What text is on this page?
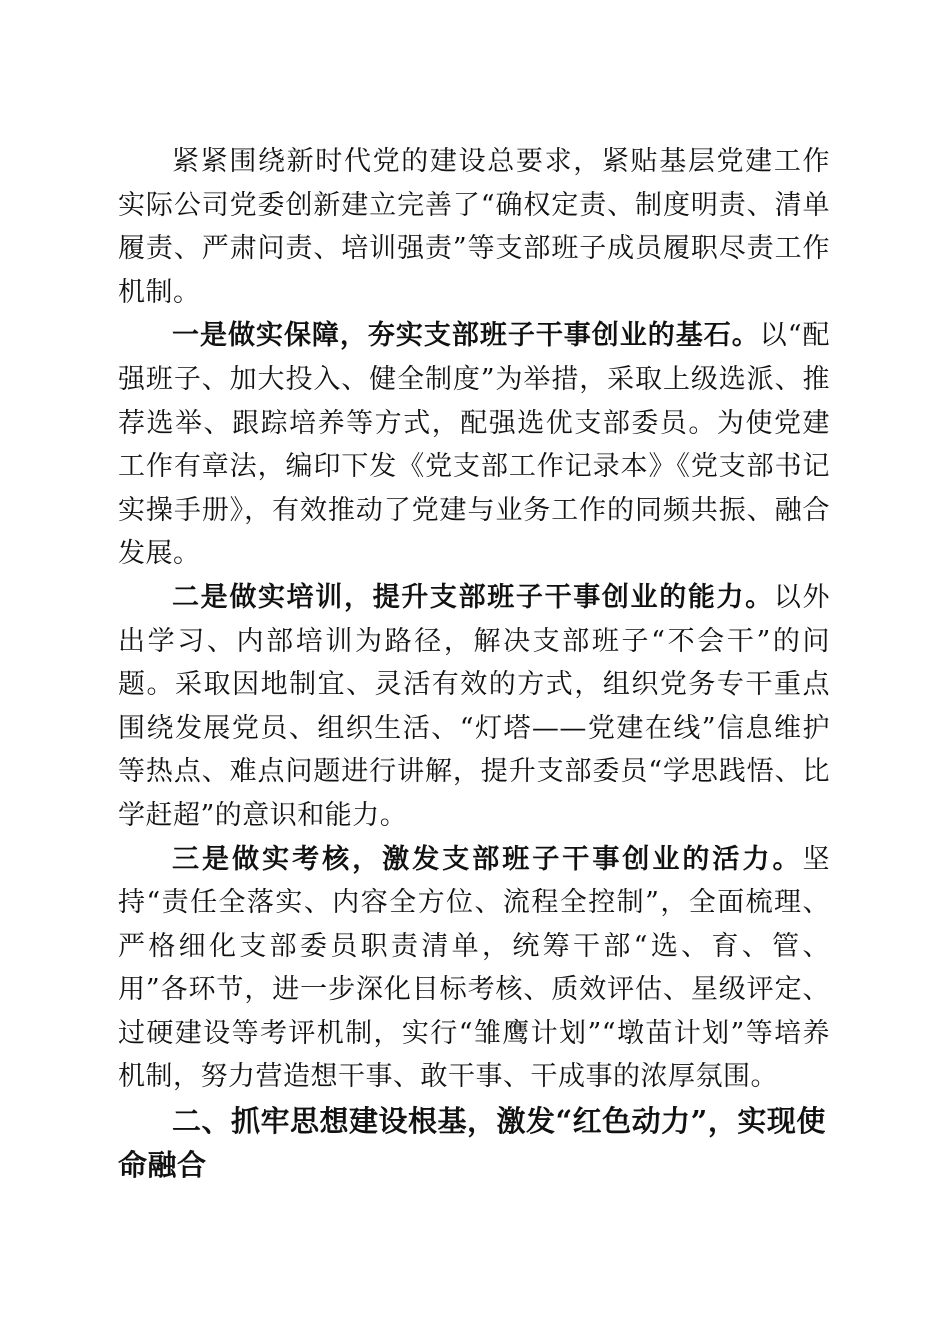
紧紧围绕新时代党的建设总要求，紧贴基层党建工作实际公司党委创新建立完善了“确权定责、制度明责、清单履责、严肃问责、培训强责”等支部班子成员履职尽责工作机制。

一是做实保障，夯实支部班子干事创业的基石。以“配强班子、加大投入、健全制度”为举措，采取上级选派、推荐选举、跟踪培养等方式，配强选优支部委员。为使党建工作有章法，编印下发《党支部工作记录本》《党支部书记实操手册》，有效推动了党建与业务工作的同频共振、融合发展。

二是做实培训，提升支部班子干事创业的能力。以外出学习、内部培训为路径，解决支部班子“不会干”的问题。采取因地制宜、灵活有效的方式，组织党务专干重点围绕发展党员、组织生活、“灯塔——党建在线”信息维护等热点、难点问题进行讲解，提升支部委员“学思践悟、比学赶超”的意识和能力。

三是做实考核，激发支部班子干事创业的活力。坚持“责任全落实、内容全方位、流程全控制”，全面梳理、严格细化支部委员职责清单，统筹干部“选、育、管、用”各环节，进一步深化目标考核、质效评估、星级评定、过硬建设等考评机制，实行“雏鹰计划”“墩苗计划”等培养机制，努力营造想干事、敢干事、干成事的浓厚氛围。

二、抓牢思想建设根基，激发“红色动力”，实现使命融合
